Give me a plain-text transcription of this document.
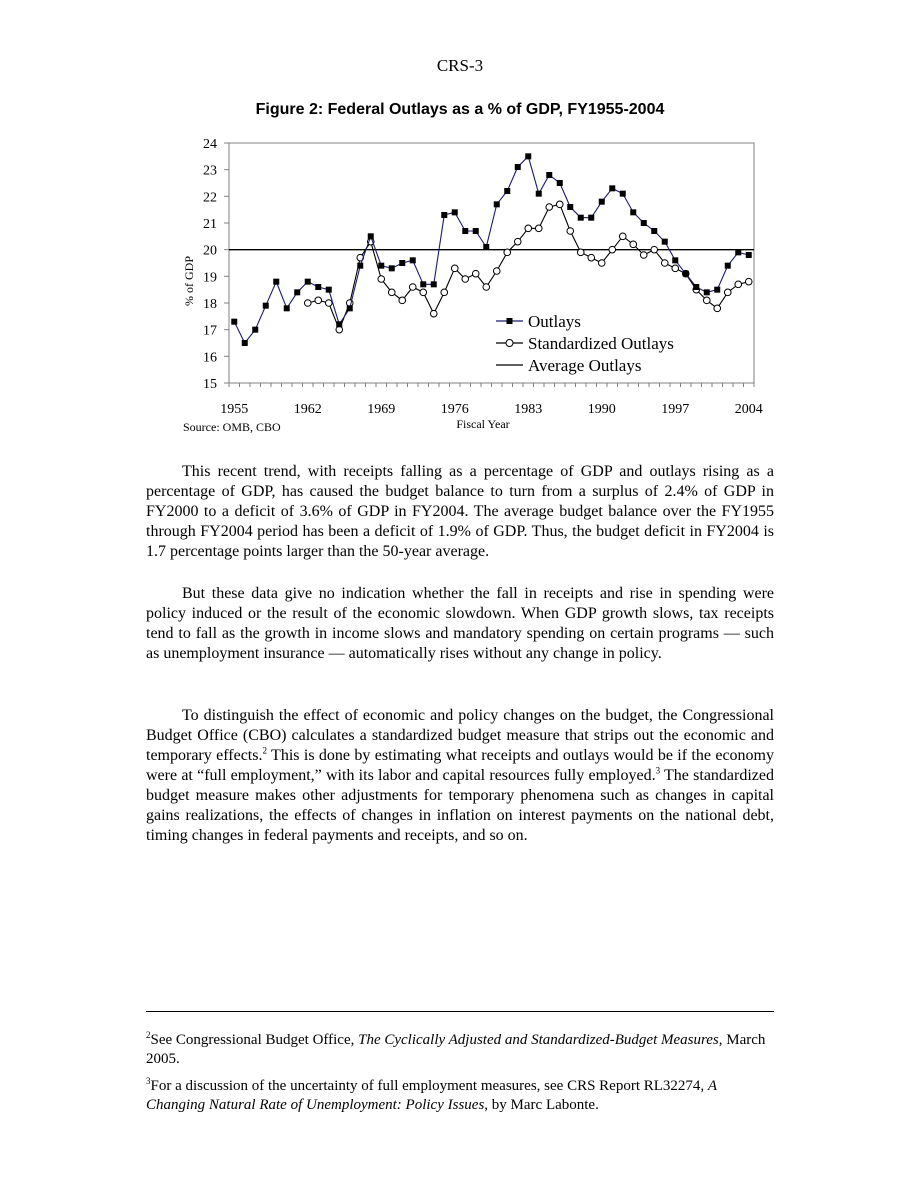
CRS-3
Figure 2: Federal Outlays as a % of GDP, FY1955-2004
1955	1962	1969	1976	1983	1990	1997	2004
15
16
17
18
19
20
21
22
23
24
Fiscal Year
% of GDP
Outlays
Standardized Outlays
Average Outlays
Source: OMB, CBO

This recent trend, with receipts falling as a percentage of GDP and outlays rising as a percentage of GDP, has caused the budget balance to turn from a surplus of 2.4% of GDP in FY2000 to a deficit of 3.6% of GDP in FY2004. The average budget balance over the FY1955 through FY2004 period has been a deficit of 1.9% of GDP. Thus, the budget deficit in FY2004 is 1.7 percentage points larger than the 50-year average.

But these data give no indication whether the fall in receipts and rise in spending were policy induced or the result of the economic slowdown. When GDP growth slows, tax receipts tend to fall as the growth in income slows and mandatory spending on certain programs — such as unemployment insurance — automatically rises without any change in policy.

To distinguish the effect of economic and policy changes on the budget, the Congressional Budget Office (CBO) calculates a standardized budget measure that strips out the economic and temporary effects.$^2$ This is done by estimating what receipts and outlays would be if the economy were at “full employment,” with its labor and capital resources fully employed.$^3$ The standardized budget measure makes other adjustments for temporary phenomena such as changes in capital gains realizations, the effects of changes in inflation on interest payments on the national debt, timing changes in federal payments and receipts, and so on.

$^2$See Congressional Budget Office, The Cyclically Adjusted and Standardized-Budget Measures, March 2005.

$^3$For a discussion of the uncertainty of full employment measures, see CRS Report RL32274, A Changing Natural Rate of Unemployment: Policy Issues, by Marc Labonte.
